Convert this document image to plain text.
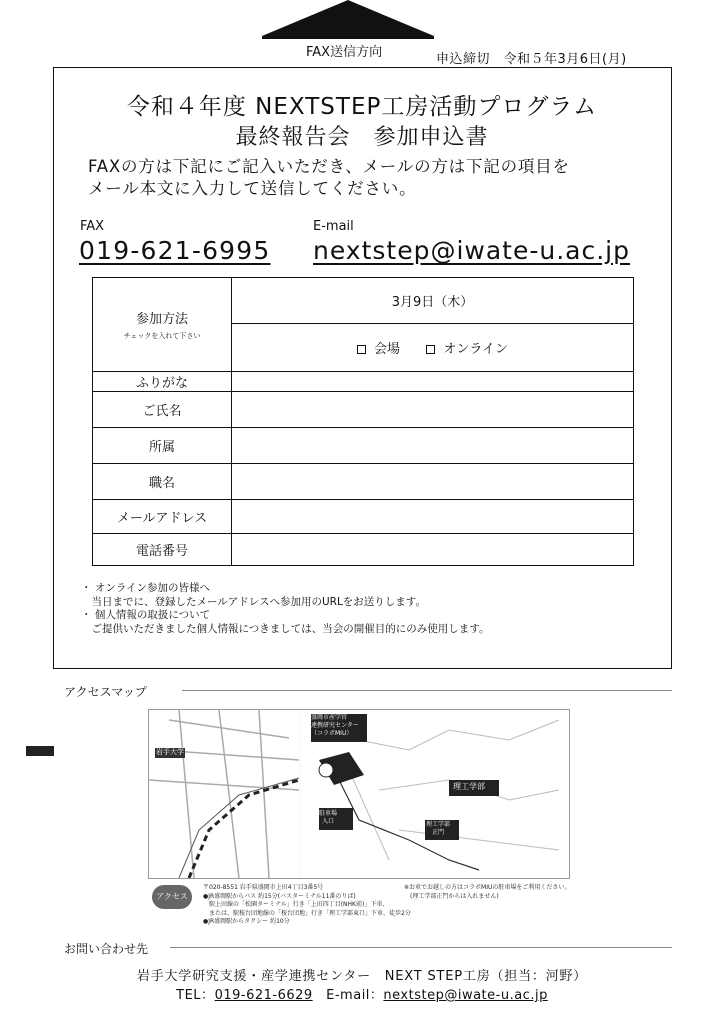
FAX送信方向	申込締切　令和５年3月6日(月)
令和４年度 NEXTSTEP工房活動プログラム
最終報告会　参加申込書
FAXの方は下記にご記入いただき、メールの方は下記の項目を
メール本文に入力して送信してください。
FAX
019-621-6995
E-mail
nextstep@iwate-u.ac.jp
参加方法
チェックを入れて下さい	3月9日（木）
	会場 オンライン
ふりがな	
ご氏名	
所属	
職名	
メールアドレス	
電話番号	
・ オンライン参加の皆様へ
　当日までに、登録したメールアドレスへ参加用のURLをお送りします。
・ 個人情報の取扱について
　ご提供いただきました個人情報につきましては、当会の開催目的にのみ使用します。
アクセスマップ
岩手大学
盛岡市産学官
連携研究センター
（コラボMIU）
駐車場
入口
理工学部
理工学部
正門
アクセス
〒020-8551 岩手県盛岡市上田4丁目3番5号
●JR盛岡駅からバス 約15分(バスターミナル11番のりば)
　駅上田線の「松園ターミナル」行き「上田四丁目(NHK前)」下車、
　または、駅桜台団地線の「桜台団地」行き「理工学部東口」下車、徒歩2分
●JR盛岡駅からタクシー 約10分
※お車でお越しの方はコラボMIUの駐車場をご利用ください。
　(理工学部正門からは入れません)
お問い合わせ先
岩手大学研究支援・産学連携センター　NEXT STEP工房（担当：河野）
TEL：019-621-6629　E-mail：nextstep@iwate-u.ac.jp
